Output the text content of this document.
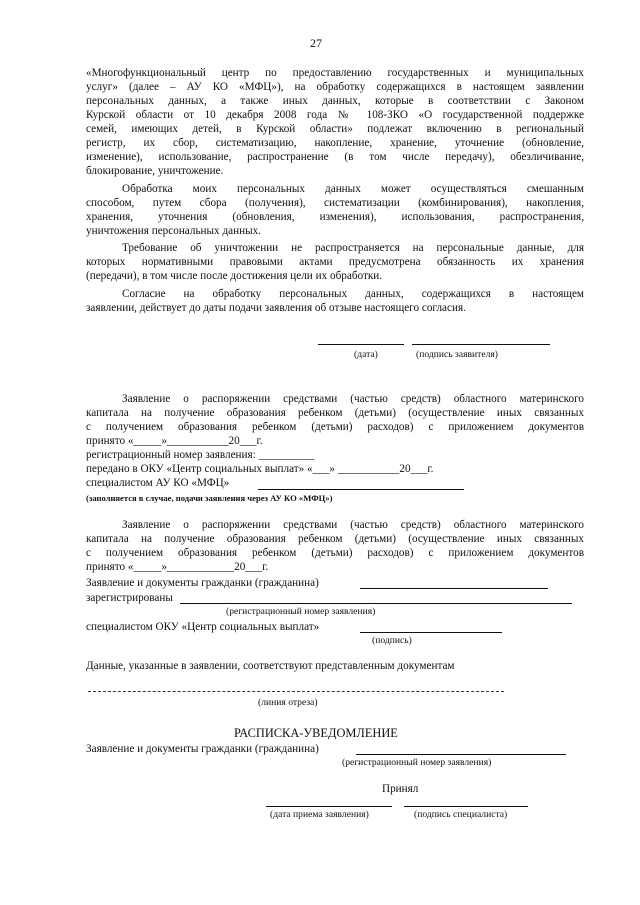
27
«Многофункциональный центр по предоставлению государственных и муниципальных
услуг» (далее – АУ КО «МФЦ»), на обработку содержащихся в настоящем заявлении
персональных данных, а также иных данных, которые в соответствии с Законом
Курской области от 10 декабря 2008 года № 108-ЗКО «О государственной поддержке
семей, имеющих детей, в Курской области» подлежат включению в региональный
регистр, их сбор, систематизацию, накопление, хранение, уточнение (обновление,
изменение), использование, распространение (в том числе передачу), обезличивание,
блокирование, уничтожение.
Обработка моих персональных данных может осуществляться смешанным
способом, путем сбора (получения), систематизации (комбинирования), накопления,
хранения, уточнения (обновления, изменения), использования, распространения,
уничтожения персональных данных.
Требование об уничтожении не распространяется на персональные данные, для
которых нормативными правовыми актами предусмотрена обязанность их хранения
(передачи), в том числе после достижения цели их обработки.
Согласие на обработку персональных данных, содержащихся в настоящем
заявлении, действует до даты подачи заявления об отзыве настоящего согласия.
(дата)	(подпись заявителя)
Заявление о распоряжении средствами (частью средств) областного материнского
капитала на получение образования ребенком (детьми) (осуществление иных связанных
с получением образования ребенком (детьми) расходов) с приложением документов
принято «_____»___________20___г.
регистрационный номер заявления: __________
передано в ОКУ «Центр социальных выплат» «___» ___________20___г.
специалистом АУ КО «МФЦ»
(заполняется в случае, подачи заявления через АУ КО «МФЦ»)
Заявление о распоряжении средствами (частью средств) областного материнского
капитала на получение образования ребенком (детьми) (осуществление иных связанных
с получением образования ребенком (детьми) расходов) с приложением документов
принято «_____»____________20___г.
Заявление и документы гражданки (гражданина)
зарегистрированы
(регистрационный номер заявления)
специалистом ОКУ «Центр социальных выплат»
(подпись)
Данные, указанные в заявлении, соответствуют представленным документам
(линия отреза)
РАСПИСКА-УВЕДОМЛЕНИЕ
Заявление и документы гражданки (гражданина)
(регистрационный номер заявления)
Принял
(дата приема заявления)	(подпись специалиста)
